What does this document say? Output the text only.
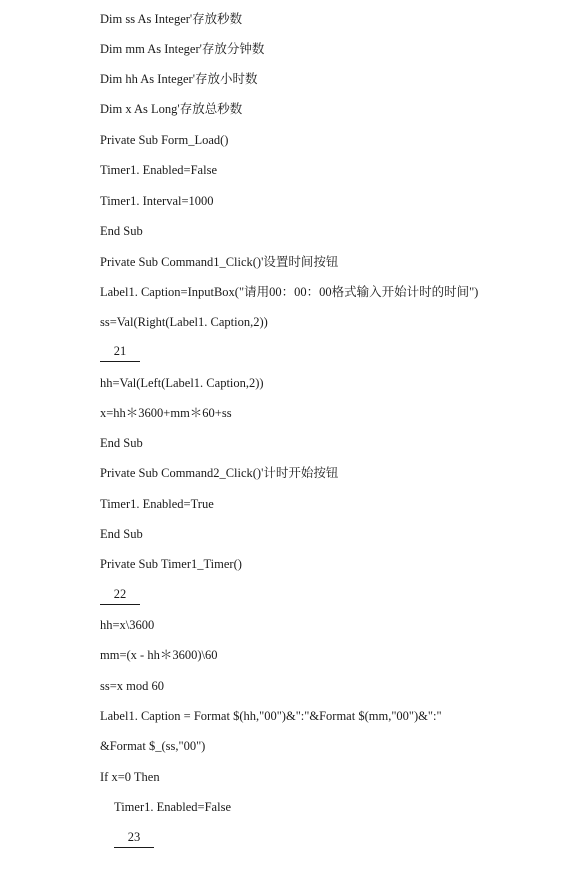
Dim ss As Integer'存放秒数
Dim mm As Integer'存放分钟数
Dim hh As Integer'存放小时数
Dim x As Long'存放总秒数
Private Sub Form_Load()
Timer1. Enabled=False
Timer1. Interval=1000
End Sub
Private Sub Command1_Click()'设置时间按钮
Label1. Caption=InputBox("请用00：00：00格式输入开始计时的时间")
ss=Val(Right(Label1. Caption,2))
21
hh=Val(Left(Label1. Caption,2))
x=hh＊3600+mm＊60+ss
End Sub
Private Sub Command2_Click()'计时开始按钮
Timer1. Enabled=True
End Sub
Private Sub Timer1_Timer()
22
hh=x\3600
mm=(x - hh＊3600)\60
ss=x mod 60
Label1. Caption = Format $(hh,"00")&":"&Format $(mm,"00")&":"
&Format $_(ss,"00")
If x=0 Then
Timer1. Enabled=False
23
